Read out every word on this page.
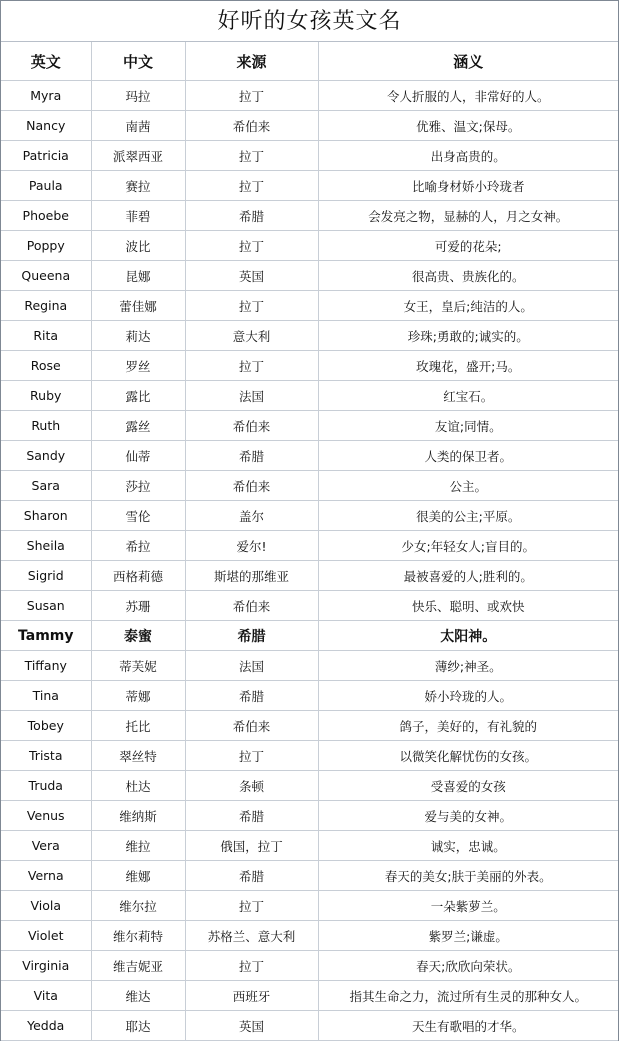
好听的女孩英文名
英文	中文	来源	涵义
Myra	玛拉	拉丁	令人折服的人，非常好的人。
Nancy	南茜	希伯来	优雅、温文;保母。
Patricia	派翠西亚	拉丁	出身高贵的。
Paula	赛拉	拉丁	比喻身材娇小玲珑者
Phoebe	菲碧	希腊	会发亮之物，显赫的人，月之女神。
Poppy	波比	拉丁	可爱的花朵;
Queena	昆娜	英国	很高贵、贵族化的。
Regina	蕾佳娜	拉丁	女王，皇后;纯洁的人。
Rita	莉达	意大利	珍珠;勇敢的;诚实的。
Rose	罗丝	拉丁	玫瑰花，盛开;马。
Ruby	露比	法国	红宝石。
Ruth	露丝	希伯来	友谊;同情。
Sandy	仙蒂	希腊	人类的保卫者。
Sara	莎拉	希伯来	公主。
Sharon	雪伦	盖尔	很美的公主;平原。
Sheila	希拉	爱尔!	少女;年轻女人;盲目的。
Sigrid	西格莉德	斯堪的那维亚	最被喜爱的人;胜利的。
Susan	苏珊	希伯来	快乐、聪明、或欢快
Tammy	泰蜜	希腊	太阳神。
Tiffany	蒂芙妮	法国	薄纱;神圣。
Tina	蒂娜	希腊	娇小玲珑的人。
Tobey	托比	希伯来	鸽子，美好的，有礼貌的
Trista	翠丝特	拉丁	以微笑化解忧伤的女孩。
Truda	杜达	条顿	受喜爱的女孩
Venus	维纳斯	希腊	爱与美的女神。
Vera	维拉	俄国，拉丁	诚实，忠诚。
Verna	维娜	希腊	春天的美女;肤于美丽的外表。
Viola	维尔拉	拉丁	一朵紫萝兰。
Violet	维尔莉特	苏格兰、意大利	紫罗兰;谦虚。
Virginia	维吉妮亚	拉丁	春天;欣欣向荣状。
Vita	维达	西班牙	指其生命之力，流过所有生灵的那种女人。
Yedda	耶达	英国	天生有歌唱的才华。
